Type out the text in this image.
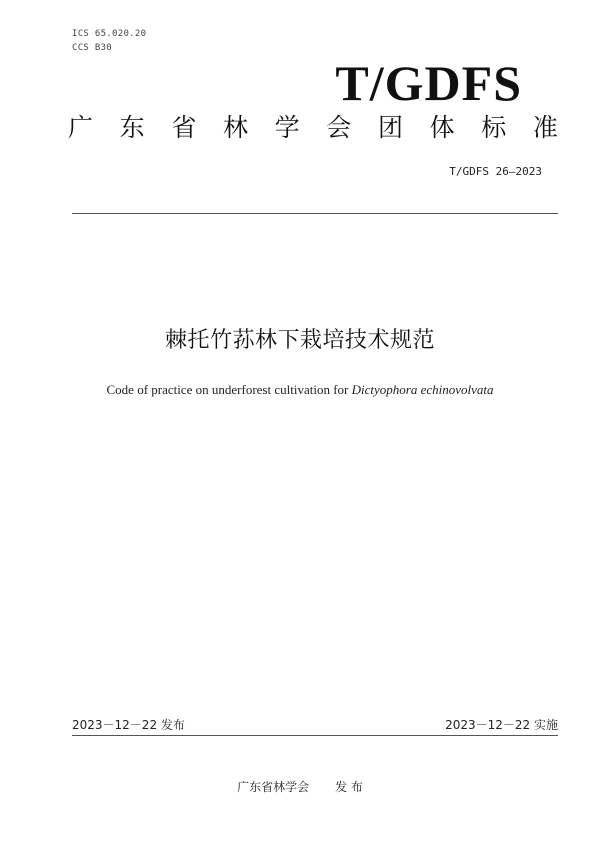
ICS 65.020.20
CCS B30
T/GDFS
广 东 省 林 学 会 团 体 标 准
T/GDFS 26—2023
棘托竹荪林下栽培技术规范
Code of practice on underforest cultivation for Dictyophora echinovolvata
2023－12－22 发布	2023－12－22 实施
广东省林学会 发 布
